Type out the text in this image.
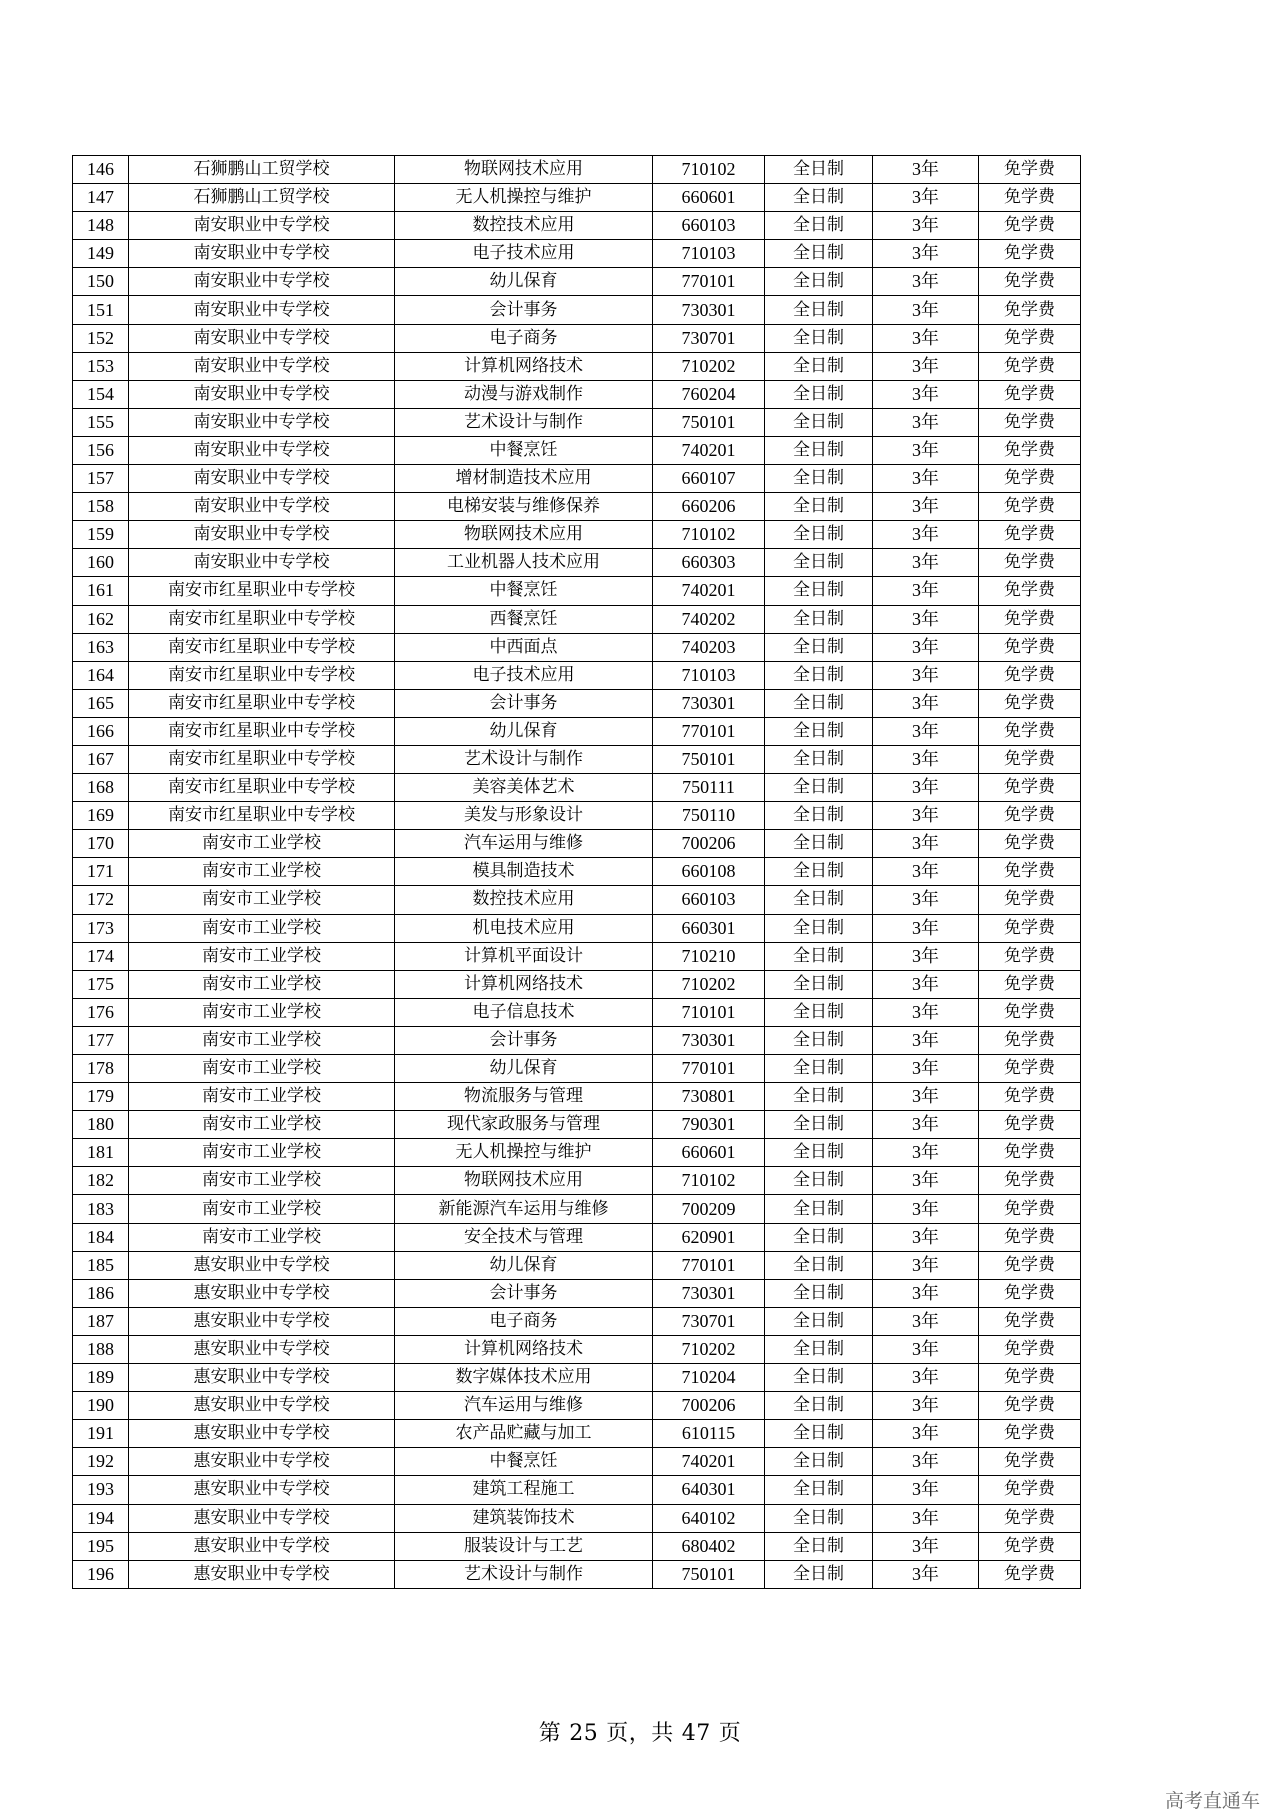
146	石狮鹏山工贸学校	物联网技术应用	710102	全日制	3年	免学费
147	石狮鹏山工贸学校	无人机操控与维护	660601	全日制	3年	免学费
148	南安职业中专学校	数控技术应用	660103	全日制	3年	免学费
149	南安职业中专学校	电子技术应用	710103	全日制	3年	免学费
150	南安职业中专学校	幼儿保育	770101	全日制	3年	免学费
151	南安职业中专学校	会计事务	730301	全日制	3年	免学费
152	南安职业中专学校	电子商务	730701	全日制	3年	免学费
153	南安职业中专学校	计算机网络技术	710202	全日制	3年	免学费
154	南安职业中专学校	动漫与游戏制作	760204	全日制	3年	免学费
155	南安职业中专学校	艺术设计与制作	750101	全日制	3年	免学费
156	南安职业中专学校	中餐烹饪	740201	全日制	3年	免学费
157	南安职业中专学校	增材制造技术应用	660107	全日制	3年	免学费
158	南安职业中专学校	电梯安装与维修保养	660206	全日制	3年	免学费
159	南安职业中专学校	物联网技术应用	710102	全日制	3年	免学费
160	南安职业中专学校	工业机器人技术应用	660303	全日制	3年	免学费
161	南安市红星职业中专学校	中餐烹饪	740201	全日制	3年	免学费
162	南安市红星职业中专学校	西餐烹饪	740202	全日制	3年	免学费
163	南安市红星职业中专学校	中西面点	740203	全日制	3年	免学费
164	南安市红星职业中专学校	电子技术应用	710103	全日制	3年	免学费
165	南安市红星职业中专学校	会计事务	730301	全日制	3年	免学费
166	南安市红星职业中专学校	幼儿保育	770101	全日制	3年	免学费
167	南安市红星职业中专学校	艺术设计与制作	750101	全日制	3年	免学费
168	南安市红星职业中专学校	美容美体艺术	750111	全日制	3年	免学费
169	南安市红星职业中专学校	美发与形象设计	750110	全日制	3年	免学费
170	南安市工业学校	汽车运用与维修	700206	全日制	3年	免学费
171	南安市工业学校	模具制造技术	660108	全日制	3年	免学费
172	南安市工业学校	数控技术应用	660103	全日制	3年	免学费
173	南安市工业学校	机电技术应用	660301	全日制	3年	免学费
174	南安市工业学校	计算机平面设计	710210	全日制	3年	免学费
175	南安市工业学校	计算机网络技术	710202	全日制	3年	免学费
176	南安市工业学校	电子信息技术	710101	全日制	3年	免学费
177	南安市工业学校	会计事务	730301	全日制	3年	免学费
178	南安市工业学校	幼儿保育	770101	全日制	3年	免学费
179	南安市工业学校	物流服务与管理	730801	全日制	3年	免学费
180	南安市工业学校	现代家政服务与管理	790301	全日制	3年	免学费
181	南安市工业学校	无人机操控与维护	660601	全日制	3年	免学费
182	南安市工业学校	物联网技术应用	710102	全日制	3年	免学费
183	南安市工业学校	新能源汽车运用与维修	700209	全日制	3年	免学费
184	南安市工业学校	安全技术与管理	620901	全日制	3年	免学费
185	惠安职业中专学校	幼儿保育	770101	全日制	3年	免学费
186	惠安职业中专学校	会计事务	730301	全日制	3年	免学费
187	惠安职业中专学校	电子商务	730701	全日制	3年	免学费
188	惠安职业中专学校	计算机网络技术	710202	全日制	3年	免学费
189	惠安职业中专学校	数字媒体技术应用	710204	全日制	3年	免学费
190	惠安职业中专学校	汽车运用与维修	700206	全日制	3年	免学费
191	惠安职业中专学校	农产品贮藏与加工	610115	全日制	3年	免学费
192	惠安职业中专学校	中餐烹饪	740201	全日制	3年	免学费
193	惠安职业中专学校	建筑工程施工	640301	全日制	3年	免学费
194	惠安职业中专学校	建筑装饰技术	640102	全日制	3年	免学费
195	惠安职业中专学校	服装设计与工艺	680402	全日制	3年	免学费
196	惠安职业中专学校	艺术设计与制作	750101	全日制	3年	免学费
第 25 页，共 47 页
高考直通车
